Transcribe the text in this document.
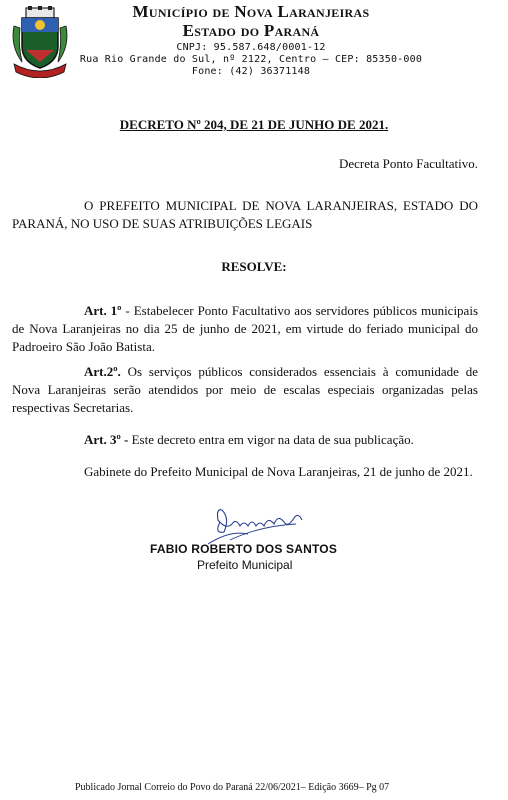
Município de Nova Laranjeiras
Estado do Paraná
CNPJ: 95.587.648/0001-12
Rua Rio Grande do Sul, nº 2122, Centro – CEP: 85350-000
Fone: (42) 36371148
DECRETO Nº 204, DE 21 DE JUNHO DE 2021.
Decreta Ponto Facultativo.
O PREFEITO MUNICIPAL DE NOVA LARANJEIRAS, ESTADO DO PARANÁ, NO USO DE SUAS ATRIBUIÇÕES LEGAIS
RESOLVE:
Art. 1º - Estabelecer Ponto Facultativo aos servidores públicos municipais de Nova Laranjeiras no dia 25 de junho de 2021, em virtude do feriado municipal do Padroeiro São João Batista.
Art.2º. Os serviços públicos considerados essenciais à comunidade de Nova Laranjeiras serão atendidos por meio de escalas especiais organizadas pelas respectivas Secretarias.
Art. 3º - Este decreto entra em vigor na data de sua publicação.
Gabinete do Prefeito Municipal de Nova Laranjeiras, 21 de junho de 2021.
FABIO ROBERTO DOS SANTOS
Prefeito Municipal
Publicado Jornal Correio do Povo do Paraná 22/06/2021– Edição 3669– Pg 07
